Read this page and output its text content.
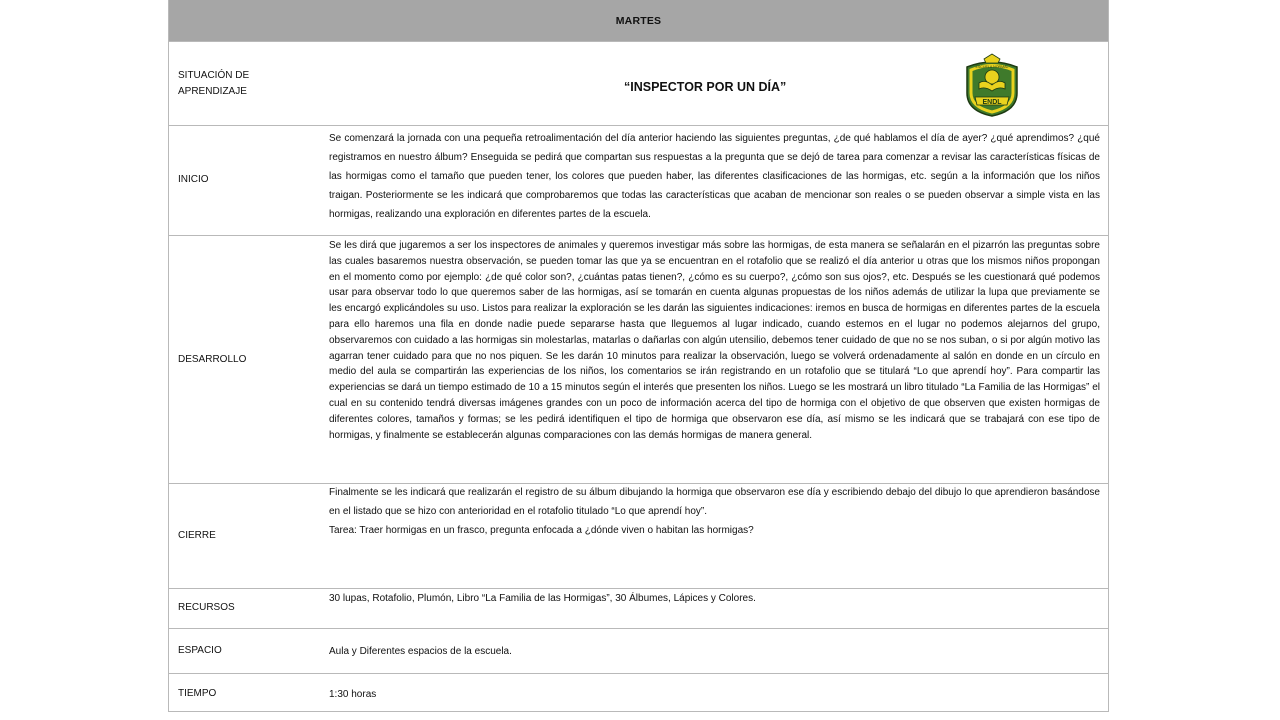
MARTES
SITUACIÓN DE APRENDIZAJE	“INSPECTOR POR UN DÍA”
ENDL
ESCUELA NORMAL
INICIO

Se comenzará la jornada con una pequeña retroalimentación del día anterior haciendo las siguientes preguntas, ¿de qué hablamos el día de ayer? ¿qué aprendimos? ¿qué registramos en nuestro álbum? Enseguida se pedirá que compartan sus respuestas a la pregunta que se dejó de tarea para comenzar a revisar las características físicas de las hormigas como el tamaño que pueden tener, los colores que pueden haber, las diferentes clasificaciones de las hormigas, etc. según a la información que los niños traigan. Posteriormente se les indicará que comprobaremos que todas las características que acaban de mencionar son reales o se pueden observar a simple vista en las hormigas, realizando una exploración en diferentes partes de la escuela.

DESARROLLO

Se les dirá que jugaremos a ser los inspectores de animales y queremos investigar más sobre las hormigas, de esta manera se señalarán en el pizarrón las preguntas sobre las cuales basaremos nuestra observación, se pueden tomar las que ya se encuentran en el rotafolio que se realizó el día anterior u otras que los mismos niños propongan en el momento como por ejemplo: ¿de qué color son?, ¿cuántas patas tienen?, ¿cómo es su cuerpo?, ¿cómo son sus ojos?, etc. Después se les cuestionará qué podemos usar para observar todo lo que queremos saber de las hormigas, así se tomarán en cuenta algunas propuestas de los niños además de utilizar la lupa que previamente se les encargó explicándoles su uso. Listos para realizar la exploración se les darán las siguientes indicaciones: iremos en busca de hormigas en diferentes partes de la escuela para ello haremos una fila en donde nadie puede separarse hasta que lleguemos al lugar indicado, cuando estemos en el lugar no podemos alejarnos del grupo, observaremos con cuidado a las hormigas sin molestarlas, matarlas o dañarlas con algún utensilio, debemos tener cuidado de que no se nos suban, o si por algún motivo las agarran tener cuidado para que no nos piquen. Se les darán 10 minutos para realizar la observación, luego se volverá ordenadamente al salón en donde en un círculo en medio del aula se compartirán las experiencias de los niños, los comentarios se irán registrando en un rotafolio que se titulará “Lo que aprendí hoy”. Para compartir las experiencias se dará un tiempo estimado de 10 a 15 minutos según el interés que presenten los niños. Luego se les mostrará un libro titulado “La Familia de las Hormigas” el cual en su contenido tendrá diversas imágenes grandes con un poco de información acerca del tipo de hormiga con el objetivo de que observen que existen hormigas de diferentes colores, tamaños y formas; se les pedirá identifiquen el tipo de hormiga que observaron ese día, así mismo se les indicará que se trabajará con ese tipo de hormigas, y finalmente se establecerán algunas comparaciones con las demás hormigas de manera general.

CIERRE

Finalmente se les indicará que realizarán el registro de su álbum dibujando la hormiga que observaron ese día y escribiendo debajo del dibujo lo que aprendieron basándose en el listado que se hizo con anterioridad en el rotafolio titulado “Lo que aprendí hoy”.

Tarea: Traer hormigas en un frasco, pregunta enfocada a ¿dónde viven o habitan las hormigas?

RECURSOS
30 lupas, Rotafolio, Plumón, Libro “La Familia de las Hormigas”, 30 Álbumes, Lápices y Colores.
ESPACIO	Aula y Diferentes espacios de la escuela.
TIEMPO	1:30 horas
